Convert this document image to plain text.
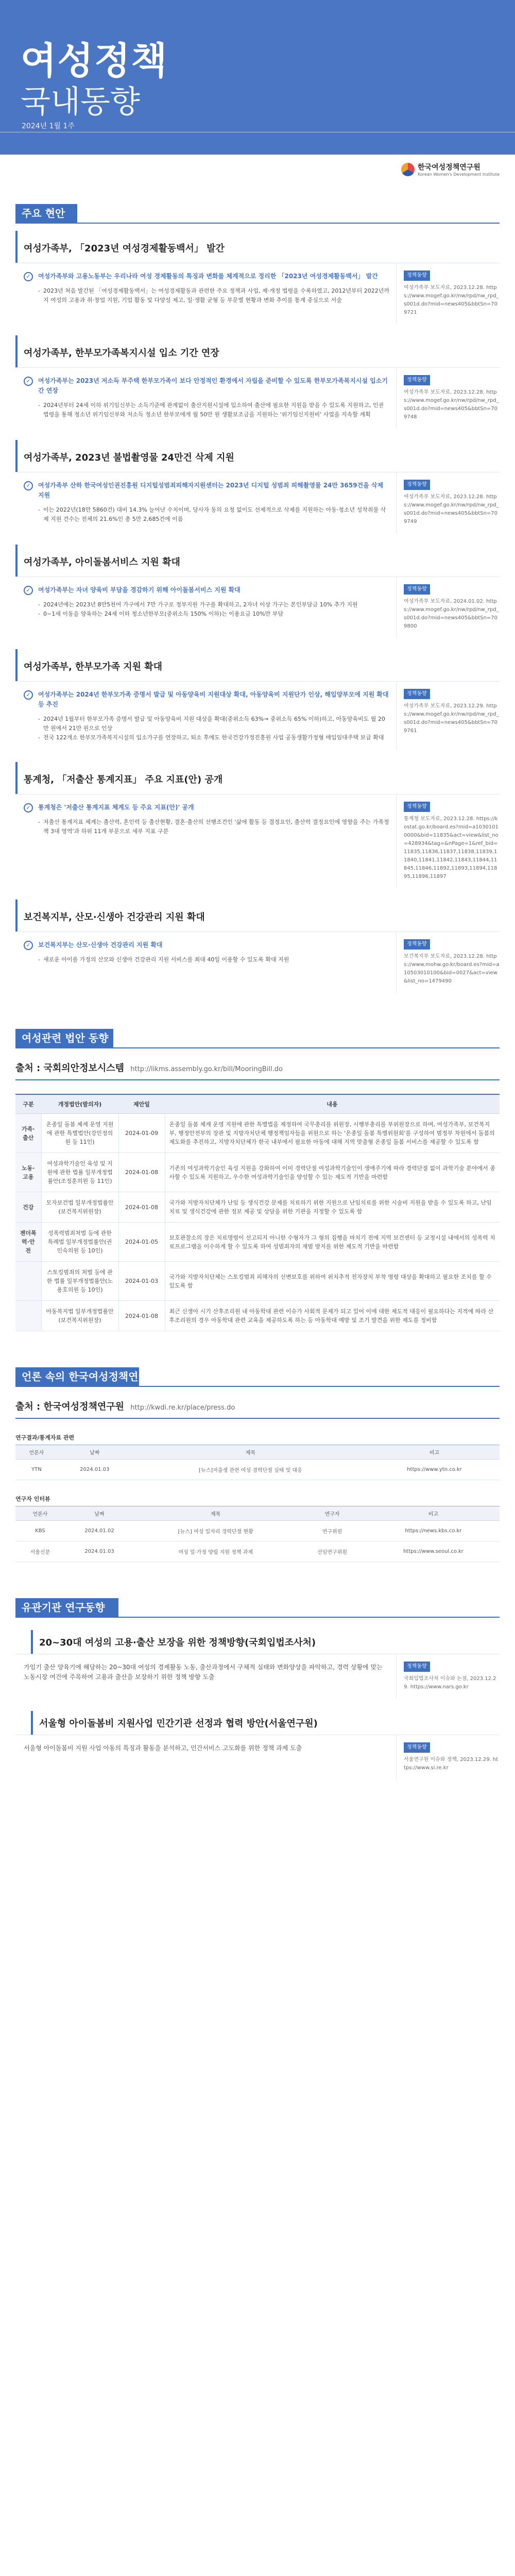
여성정책
국내동향
2024년 1월 1주
한국여성정책연구원
Korean Women's Development Institute
주요 현안
여성가족부, 「2023년 여성경제활동백서」 발간
✓	여성가족부와 고용노동부는 우리나라 여성 경제활동의 특징과 변화를 체계적으로 정리한 「2023년 여성경제활동백서」 발간
- 2023년 처음 발간된 「여성경제활동백서」는 여성경제활동과 관련한 주요 정책과 사업, 제·개정 법령을 수록하였고, 2012년부터 2022년까지 여성의 고용과 취·창업 지원, 기업 활동 및 다양성 제고, 일·생활 균형 등 부문별 현황과 변화 추이를 통계 중심으로 서술
정책동향
여성가족부 보도자료, 2023.12.28. https://www.mogef.go.kr/nw/rpd/nw_rpd_s001d.do?mid=news405&bbtSn=709721
여성가족부, 한부모가족복지시설 입소 기간 연장
✓	여성가족부는 2023년 저소득 부주택 한부모가족이 보다 안정적인 환경에서 자립을 준비할 수 있도록 한부모가족복지시설 입소기간 연장
- 2024년부터 24세 이하 위기임신부는 소득기준에 관계없이 출산지원시설에 입소하여 출산에 필요한 지원을 받을 수 있도록 지원하고, 인권 법령을 통해 청소년 위기임신부와 저소득 청소년 한부모에게 월 50만 원 생활보조금을 지원하는 '위기임신지원비' 사업을 지속할 계획
정책동향
여성가족부 보도자료, 2023.12.28. https://www.mogef.go.kr/nw/rpd/nw_rpd_s001d.do?mid=news405&bbtSn=709748
여성가족부, 2023년 불법촬영물 24만건 삭제 지원
✓	여성가족부 산하 한국여성인권진흥원 디지털성범죄피해자지원센터는 2023년 디지털 성범죄 피해촬영물 24만 3659건을 삭제 지원
- 이는 2022년(18만 5860건) 대비 14.3% 늘어난 수치이며, 당사자 동의 요청 없이도 선제적으로 삭제를 지원하는 아동·청소년 성착취물 삭제 지원 건수는 전체의 21.6%인 총 5만 2,685건에 이름
정책동향
여성가족부 보도자료, 2023.12.28. https://www.mogef.go.kr/nw/rpd/nw_rpd_s001d.do?mid=news405&bbtSn=709749
여성가족부, 아이돌봄서비스 지원 확대
✓	여성가족부는 자녀 양육비 부담을 경감하기 위해 아이돌봄서비스 지원 확대
- 2024년에는 2023년 8만5천여 가구에서 7만 가구로 정부지원 가구를 확대하고, 2자녀 이상 가구는 본인부담금 10% 추가 지원
- 0~1세 이동을 양육하는 24세 이하 청소년한부모(중위소득 150% 이하)는 이용요금 10%만 부담
정책동향
여성가족부 보도자료, 2024.01.02. https://www.mogef.go.kr/nw/rpd/nw_rpd_s001d.do?mid=news405&bbtSn=709800
여성가족부, 한부모가족 지원 확대
✓	여성가족부는 2024년 한부모가족 증명서 발급 및 아동양육비 지원대상 확대, 아동양육비 지원단가 인상, 해입양부모에 지원 확대 등 추진
- 2024년 1월부터 한부모가족 증명서 발급 및 아동양육비 지원 대상을 확대(중위소득 63%→ 중위소득 65% 이하)하고, 아동양육비도 월 20만 원에서 21만 원으로 인상
- 전국 122개소 한부모가족복지시설의 입소가구를 연장하고, 퇴소 후에도 한국건강가정진흥원 사업 공동생활가정형 매입임대주택 보급 확대
정책동향
여성가족부 보도자료, 2023.12.29. https://www.mogef.go.kr/nw/rpd/nw_rpd_s001d.do?mid=news405&bbtSn=709761
통계청, 「저출산 통계지표」 주요 지표(안) 공개
✓	통계청은 '저출산 통계지표 체계도 등 주요 지표(안)' 공개
- 저출산 통계지표 체계는 출산력, 혼인력 등 출산현황, 결혼·출산의 선행조건인 '삶에 활동 등 결정요인, 출산력 결정요인에 영향을 주는 가족정책 3대 영역'과 하위 11개 부문으로 세부 지표 구분
정책동향
통계청 보도자료, 2023.12.28. https://kostat.go.kr/board.es?mid=a10301010000&bid=11835&act=view&list_no=428934&tag=&nPage=1&ref_bid=11835,11836,11837,11838,11839,11840,11841,11842,11843,11844,11845,11846,11892,11893,11894,11895,11896,11897
보건복지부, 산모·신생아 건강관리 지원 확대
✓	보건복지부는 산모·신생아 건강관리 지원 확대
- 새로운 아이를 가정의 산모와 신생아 건강관리 지원 서비스를 최대 40일 이용할 수 있도록 확대 지원
정책동향
보건복지부 보도자료, 2023.12.28. https://www.mohw.go.kr/board.es?mid=a10503010100&bid=0027&act=view&list_no=1479490
여성관련 법안 동향
출처 : 국회의안정보시스템 http://likms.assembly.go.kr/bill/MooringBill.do
구분	개정법안(발의자)	제안일	내용
가족·출산	온종일 돌봄 체계 운영 지원에 관한 특별법안(강민정의원 등 11인)	2024-01-09	온종일 돌봄 체계 운영 지원에 관한 특별법을 제정하여 국무총리를 위원장, 시행부총리를 부위원장으로 하며, 여성가족부, 보건복지부, 행정안전부의 장관 및 지방자치단체 행정책임자들을 위원으로 하는 '온종일 돌봄 특별위원회'를 구성하여 범정부 차원에서 돌봄의 제도화를 추진하고, 지방자치단체가 한국 내부에서 필요한 아동에 대해 지역 맞춤형 온종일 돌봄 서비스를 제공할 수 있도록 함
노동·고용	여성과학기술인 육성 및 지원에 관한 법률 일부개정법률안(조정훈의원 등 11인)	2024-01-08	기존의 여성과학기술인 육성 지원을 강화하여 이미 경력단절 여성과학기술인이 생애주기에 따라 경력단절 없이 과학기술 분야에서 종사할 수 있도록 지원하고, 우수한 여성과학기술인을 양성할 수 있는 제도적 기반을 마련함
건강	모자보건법 일부개정법률안(보건복지위원장)	2024-01-08	국가와 지방자치단체가 난임 등 생식건강 문제를 치료하기 위한 지원으로 난임치료를 위한 시술비 지원을 받을 수 있도록 하고, 난임 치료 및 생식건강에 관한 정보 제공 및 상담을 위한 기관을 지정할 수 있도록 함
젠더폭력·안전	성폭력범죄처벌 등에 관한 특례법 일부개정법률안(권인숙의원 등 10인)	2024-01-05	보호관찰소의 장은 치료명령이 선고되지 아니한 수형자가 그 형의 집행을 마치기 전에 지역 보건센터 등 교정시설 내에서의 성폭력 치료프로그램을 이수하게 할 수 있도록 하여 성범죄자의 재범 방지를 위한 제도적 기반을 마련함
	스토킹범죄의 처벌 등에 관한 법률 일부개정법률안(노용호의원 등 10인)	2024-01-03	국가와 지방자치단체는 스토킹범죄 피해자의 신변보호를 위하여 위치추적 전자장치 부착 명령 대상을 확대하고 필요한 조치를 할 수 있도록 함
	아동복지법 일부개정법률안(보건복지위원장)	2024-01-08	최근 신생아 시기 산후조리원 내 아동학대 관련 이슈가 사회적 문제가 되고 있어 이에 대한 제도적 대응이 필요하다는 지적에 따라 산후조리원의 경우 아동학대 관련 교육을 제공하도록 하는 등 아동학대 예방 및 조기 발견을 위한 제도를 정비함
언론 속의 한국여성정책연구원
출처 : 한국여성정책연구원 http://kwdi.re.kr/place/press.do
연구결과/통계자료 관련
언론사	날짜	제목	비고
YTN	2024.01.03	[뉴스]저출생 관련 여성 경력단절 실태 및 대응	https://www.ytn.co.kr
연구자 인터뷰
언론사	날짜	제목	연구자	비고
KBS	2024.01.02	[뉴스] 여성 일자리 경력단절 현황	연구위원	https://news.kbs.co.kr
서울신문	2024.01.03	여성 일·가정 양립 지원 정책 과제	선임연구위원	https://www.seoul.co.kr
유관기관 연구동향
20~30대 여성의 고용·출산 보장을 위한 정책방향(국회입법조사처)
가임기 출산 양육기에 해당하는 20~30대 여성의 경제활동 노동, 출산과정에서 구체적 실태와 변화양상을 파악하고, 경력 상황에 맞는 노동시장 여건에 주목하여 고용과 출산을 보장하기 위한 정책 방향 도출
정책동향
국회입법조사처 이슈와 논점, 2023.12.29. https://www.nars.go.kr
서울형 아이돌봄비 지원사업 민간기관 선정과 협력 방안(서울연구원)
서울형 아이돌봄비 지원 사업 아동의 특징과 활동을 분석하고, 민간서비스 고도화를 위한 정책 과제 도출	정책동향
서울연구원 이슈와 정책, 2023.12.29. https://www.si.re.kr
